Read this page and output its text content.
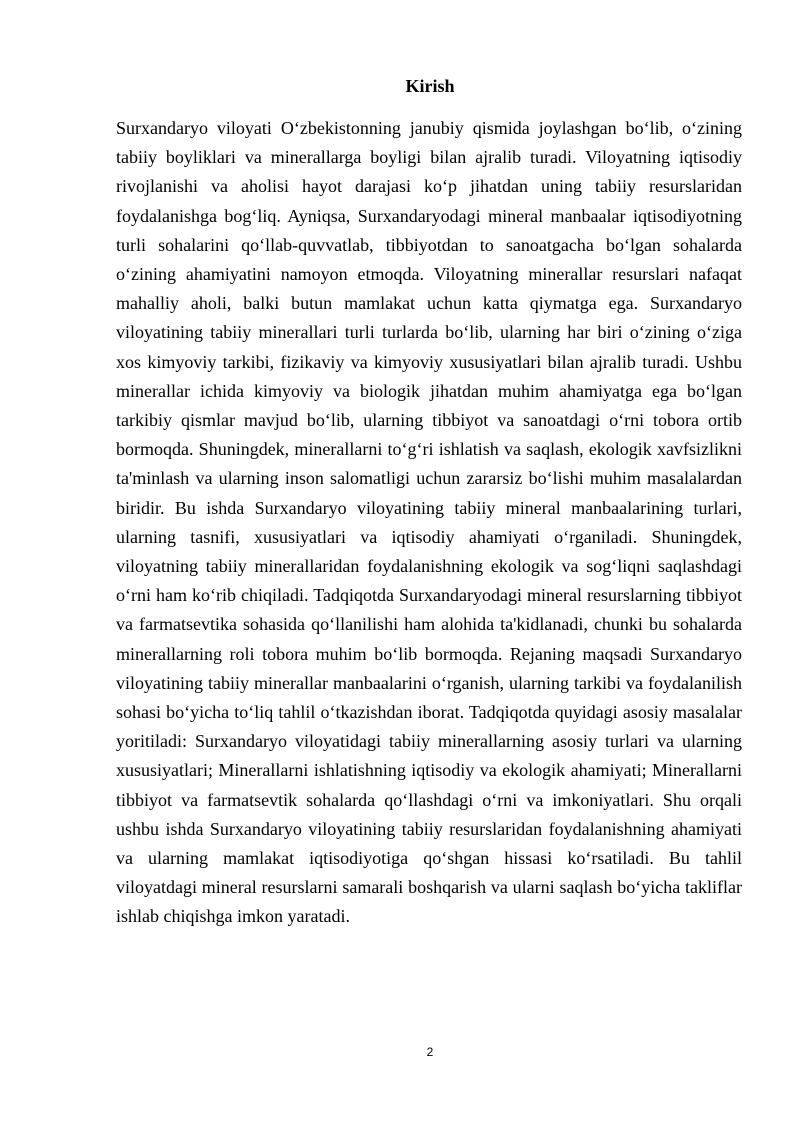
Kirish

Surxandaryo viloyati O‘zbekistonning janubiy qismida joylashgan bo‘lib, o‘zining tabiiy boyliklari va minerallarga boyligi bilan ajralib turadi. Viloyatning iqtisodiy rivojlanishi va aholisi hayot darajasi ko‘p jihatdan uning tabiiy resurslaridan foydalanishga bog‘liq. Ayniqsa, Surxandaryodagi mineral manbaalar iqtisodiyotning turli sohalarini qo‘llab-quvvatlab, tibbiyotdan to sanoatgacha bo‘lgan sohalarda o‘zining ahamiyatini namoyon etmoqda. Viloyatning minerallar resurslari nafaqat mahalliy aholi, balki butun mamlakat uchun katta qiymatga ega. Surxandaryo viloyatining tabiiy minerallari turli turlarda bo‘lib, ularning har biri o‘zining o‘ziga xos kimyoviy tarkibi, fizikaviy va kimyoviy xususiyatlari bilan ajralib turadi. Ushbu minerallar ichida kimyoviy va biologik jihatdan muhim ahamiyatga ega bo‘lgan tarkibiy qismlar mavjud bo‘lib, ularning tibbiyot va sanoatdagi o‘rni tobora ortib bormoqda. Shuningdek, minerallarni to‘g‘ri ishlatish va saqlash, ekologik xavfsizlikni ta'minlash va ularning inson salomatligi uchun zararsiz bo‘lishi muhim masalalardan biridir. Bu ishda Surxandaryo viloyatining tabiiy mineral manbaalarining turlari, ularning tasnifi, xususiyatlari va iqtisodiy ahamiyati o‘rganiladi. Shuningdek, viloyatning tabiiy minerallaridan foydalanishning ekologik va sog‘liqni saqlashdagi o‘rni ham ko‘rib chiqiladi. Tadqiqotda Surxandaryodagi mineral resurslarning tibbiyot va farmatsevtika sohasida qo‘llanilishi ham alohida ta'kidlanadi, chunki bu sohalarda minerallarning roli tobora muhim bo‘lib bormoqda. Rejaning maqsadi Surxandaryo viloyatining tabiiy minerallar manbaalarini o‘rganish, ularning tarkibi va foydalanilish sohasi bo‘yicha to‘liq tahlil o‘tkazishdan iborat. Tadqiqotda quyidagi asosiy masalalar yoritiladi: Surxandaryo viloyatidagi tabiiy minerallarning asosiy turlari va ularning xususiyatlari; Minerallarni ishlatishning iqtisodiy va ekologik ahamiyati; Minerallarni tibbiyot va farmatsevtik sohalarda qo‘llashdagi o‘rni va imkoniyatlari. Shu orqali ushbu ishda Surxandaryo viloyatining tabiiy resurslaridan foydalanishning ahamiyati va ularning mamlakat iqtisodiyotiga qo‘shgan hissasi ko‘rsatiladi. Bu tahlil viloyatdagi mineral resurslarni samarali boshqarish va ularni saqlash bo‘yicha takliflar ishlab chiqishga imkon yaratadi.

2
